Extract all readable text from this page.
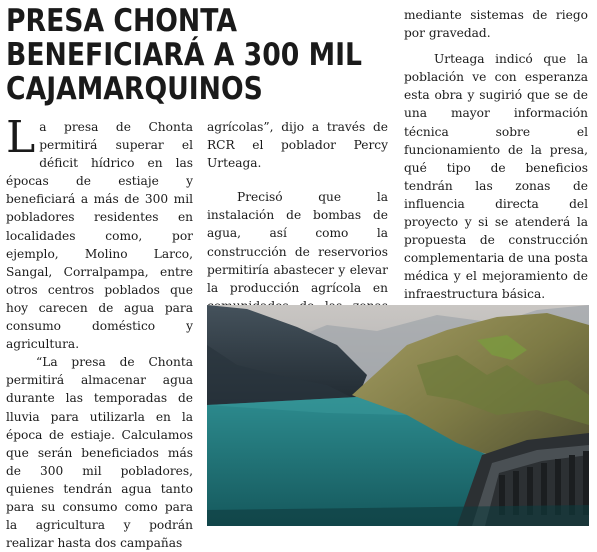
PRESA CHONTA
BENEFICIARÁ A 300 MIL
CAJAMARQUINOS

La presa de Chonta permitirá superar el déficit hídrico en las épocas de estiaje y beneficiará a más de 300 mil pobladores residentes en localidades como, por ejemplo, Molino Larco, Sangal, Corralpampa, entre otros centros poblados que hoy carecen de agua para consumo doméstico y agricultura.

“La presa de Chonta permitirá almacenar agua durante las temporadas de lluvia para utilizarla en la época de estiaje. Calculamos que serán beneficiados más de 300 mil pobladores, quienes tendrán agua tanto para su consumo como para la agricultura y podrán realizar hasta dos campañas

agrícolas”, dijo a través de RCR el poblador Percy Urteaga.

Precisó que la instalación de bombas de agua, así como la construcción de reservorios permitiría abastecer y elevar la producción agrícola en

mediante sistemas de riego por gravedad.

Urteaga indicó que la población ve con esperanza esta obra y sugirió que se de una mayor información técnica sobre el funcionamiento de la presa, qué tipo de beneficios tendrán las zonas de influencia directa del proyecto y si se atenderá la propuesta de construcción complementaria de una posta médica y el mejoramiento de infraestructura básica.
